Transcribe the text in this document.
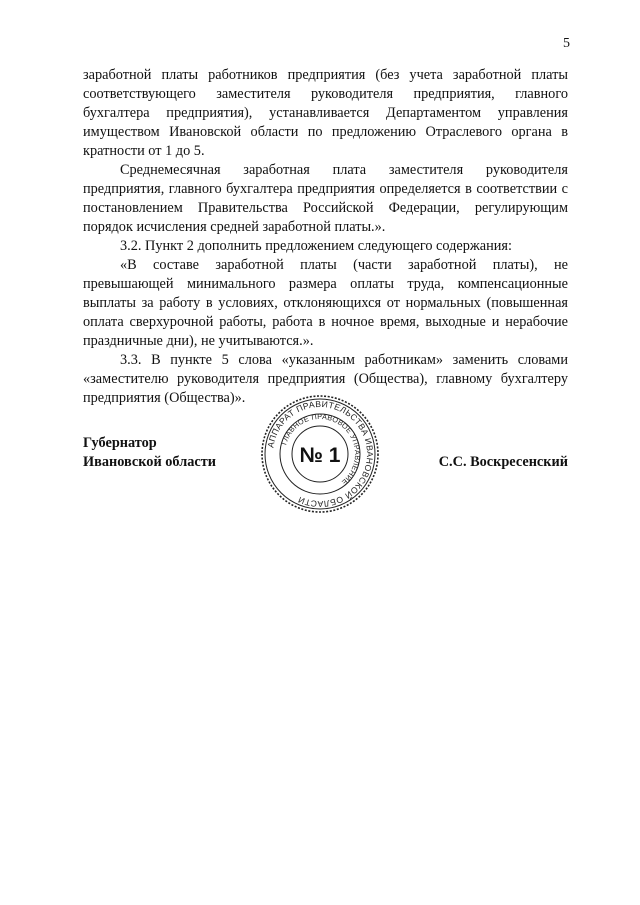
5

заработной платы работников предприятия (без учета заработной платы соответствующего заместителя руководителя предприятия, главного бухгалтера предприятия), устанавливается Департаментом управления имуществом Ивановской области по предложению Отраслевого органа в кратности от 1 до 5.

Среднемесячная заработная плата заместителя руководителя предприятия, главного бухгалтера предприятия определяется в соответствии с постановлением Правительства Российской Федерации, регулирующим порядок исчисления средней заработной платы.».

3.2. Пункт 2 дополнить предложением следующего содержания:

«В составе заработной платы (части заработной платы), не превышающей минимального размера оплаты труда, компенсационные выплаты за работу в условиях, отклоняющихся от нормальных (повышенная оплата сверхурочной работы, работа в ночное время, выходные и нерабочие праздничные дни), не учитываются.».

3.3. В пункте 5 слова «указанным работникам» заменить словами «заместителю руководителя предприятия (Общества), главному бухгалтеру предприятия (Общества)».

Губернатор
Ивановской области	С.С. Воскресенский
АППАРАТ ПРАВИТЕЛЬСТВА ИВАНОВСКОЙ ОБЛАСТИ
ГЛАВНОЕ ПРАВОВОЕ УПРАВЛЕНИЕ
№ 1
